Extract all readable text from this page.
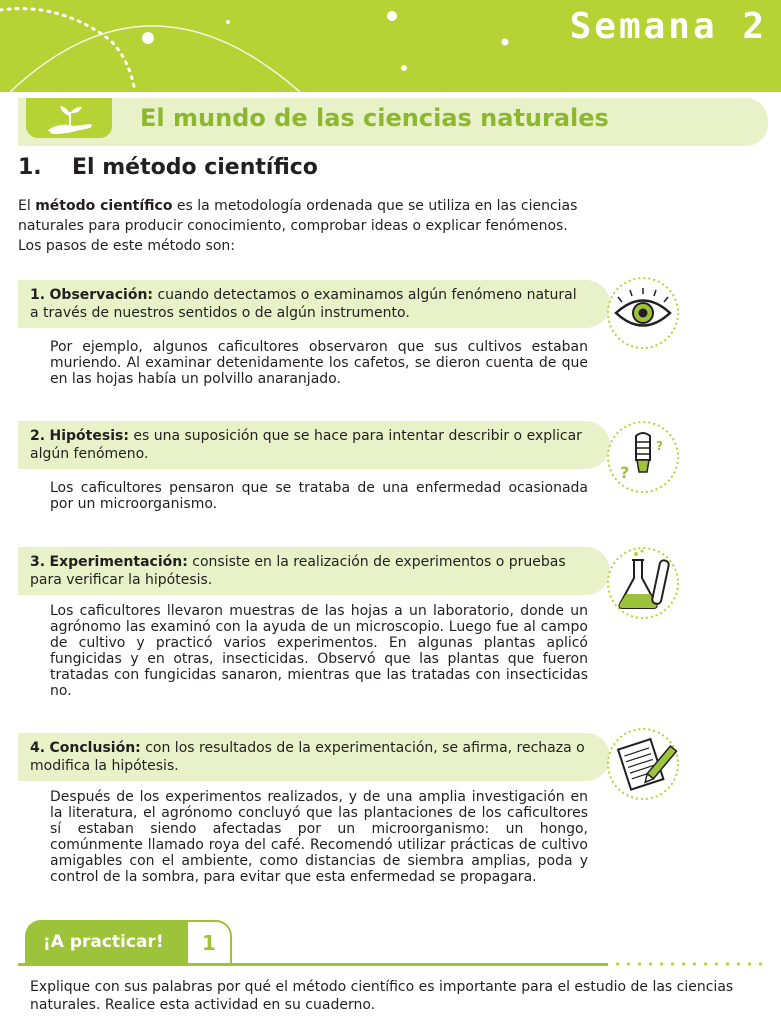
Semana 2
El mundo de las ciencias naturales
1. El método científico

El método científico es la metodología ordenada que se utiliza en las ciencias naturales para producir conocimiento, comprobar ideas o explicar fenómenos. Los pasos de este método son:

1. Observación: cuando detectamos o examinamos algún fenómeno natural a través de nuestros sentidos o de algún instrumento.

Por ejemplo, algunos caficultores observaron que sus cultivos estaban muriendo. Al examinar detenidamente los cafetos, se dieron cuenta de que en las hojas había un polvillo anaranjado.

2. Hipótesis: es una suposición que se hace para intentar describir o explicar algún fenómeno.

Los caficultores pensaron que se trataba de una enfermedad ocasionada por un microorganismo.

?
?
3. Experimentación: consiste en la realización de experimentos o pruebas para verificar la hipótesis.

Los caficultores llevaron muestras de las hojas a un laboratorio, donde un agrónomo las examinó con la ayuda de un microscopio. Luego fue al campo de cultivo y practicó varios experimentos. En algunas plantas aplicó fungicidas y en otras, insecticidas. Observó que las plantas que fueron tratadas con fungicidas sanaron, mientras que las tratadas con insecticidas no.

4. Conclusión: con los resultados de la experimentación, se afirma, rechaza o modifica la hipótesis.

Después de los experimentos realizados, y de una amplia investigación en la literatura, el agrónomo concluyó que las plantaciones de los caficultores sí estaban siendo afectadas por un microorganismo: un hongo, comúnmente llamado roya del café. Recomendó utilizar prácticas de cultivo amigables con el ambiente, como distancias de siembra amplias, poda y control de la sombra, para evitar que esta enfermedad se propagara.

¡A practicar!	1

Explique con sus palabras por qué el método científico es importante para el estudio de las ciencias naturales. Realice esta actividad en su cuaderno.
